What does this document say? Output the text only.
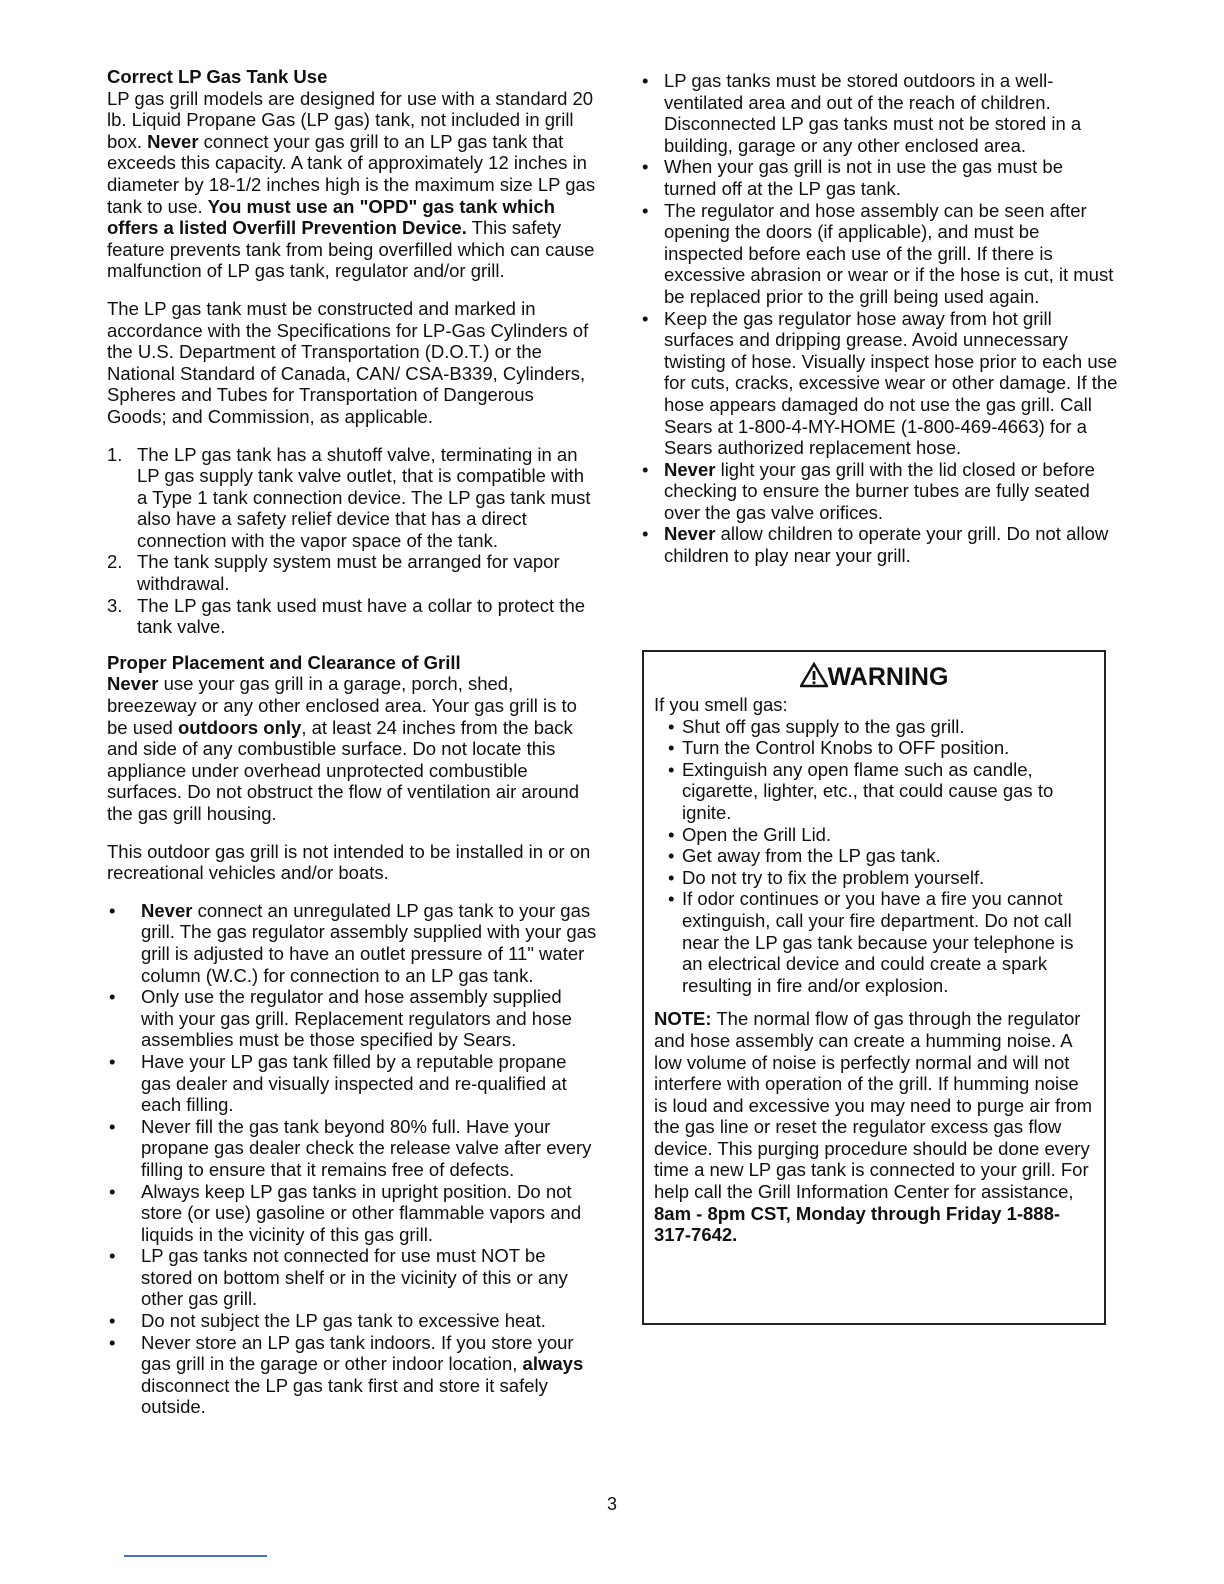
Correct LP Gas Tank Use

LP gas grill models are designed for use with a standard 20 lb. Liquid Propane Gas (LP gas) tank, not included in grill box. Never connect your gas grill to an LP gas tank that exceeds this capacity. A tank of approximately 12 inches in diameter by 18-1/2 inches high is the maximum size LP gas tank to use. You must use an "OPD" gas tank which offers a listed Overfill Prevention Device. This safety feature prevents tank from being overfilled which can cause malfunction of LP gas tank, regulator and/or grill.

The LP gas tank must be constructed and marked in accordance with the Specifications for LP-Gas Cylinders of the U.S. Department of Transportation (D.O.T.) or the National Standard of Canada, CAN/ CSA-B339, Cylinders, Spheres and Tubes for Transportation of Dangerous Goods; and Commission, as applicable.

1. The LP gas tank has a shutoff valve, terminating in an LP gas supply tank valve outlet, that is compatible with a Type 1 tank connection device. The LP gas tank must also have a safety relief device that has a direct connection with the vapor space of the tank.
2. The tank supply system must be arranged for vapor withdrawal.
3. The LP gas tank used must have a collar to protect the tank valve.
Proper Placement and Clearance of Grill

Never use your gas grill in a garage, porch, shed, breezeway or any other enclosed area. Your gas grill is to be used outdoors only, at least 24 inches from the back and side of any combustible surface. Do not locate this appliance under overhead unprotected combustible surfaces. Do not obstruct the flow of ventilation air around the gas grill housing.

This outdoor gas grill is not intended to be installed in or on recreational vehicles and/or boats.

• Never connect an unregulated LP gas tank to your gas grill. The gas regulator assembly supplied with your gas grill is adjusted to have an outlet pressure of 11" water column (W.C.) for connection to an LP gas tank.
• Only use the regulator and hose assembly supplied with your gas grill. Replacement regulators and hose assemblies must be those specified by Sears.
• Have your LP gas tank filled by a reputable propane gas dealer and visually inspected and re-qualified at each filling.
• Never fill the gas tank beyond 80% full. Have your propane gas dealer check the release valve after every filling to ensure that it remains free of defects.
• Always keep LP gas tanks in upright position. Do not store (or use) gasoline or other flammable vapors and liquids in the vicinity of this gas grill.
• LP gas tanks not connected for use must NOT be stored on bottom shelf or in the vicinity of this or any other gas grill.
• Do not subject the LP gas tank to excessive heat.
• Never store an LP gas tank indoors. If you store your gas grill in the garage or other indoor location, always disconnect the LP gas tank first and store it safely outside.
• LP gas tanks must be stored outdoors in a well-ventilated area and out of the reach of children. Disconnected LP gas tanks must not be stored in a building, garage or any other enclosed area.
• When your gas grill is not in use the gas must be turned off at the LP gas tank.
• The regulator and hose assembly can be seen after opening the doors (if applicable), and must be inspected before each use of the grill. If there is excessive abrasion or wear or if the hose is cut, it must be replaced prior to the grill being used again.
• Keep the gas regulator hose away from hot grill surfaces and dripping grease. Avoid unnecessary twisting of hose. Visually inspect hose prior to each use for cuts, cracks, excessive wear or other damage. If the hose appears damaged do not use the gas grill. Call Sears at 1-800-4-MY-HOME (1-800-469-4663) for a Sears authorized replacement hose.
• Never light your gas grill with the lid closed or before checking to ensure the burner tubes are fully seated over the gas valve orifices.
• Never allow children to operate your grill. Do not allow children to play near your grill.
WARNING

If you smell gas:

• Shut off gas supply to the gas grill.
• Turn the Control Knobs to OFF position.
• Extinguish any open flame such as candle, cigarette, lighter, etc., that could cause gas to ignite.
• Open the Grill Lid.
• Get away from the LP gas tank.
• Do not try to fix the problem yourself.
• If odor continues or you have a fire you cannot extinguish, call your fire department. Do not call near the LP gas tank because your telephone is an electrical device and could create a spark resulting in fire and/or explosion.

NOTE: The normal flow of gas through the regulator and hose assembly can create a humming noise. A low volume of noise is perfectly normal and will not interfere with operation of the grill. If humming noise is loud and excessive you may need to purge air from the gas line or reset the regulator excess gas flow device. This purging procedure should be done every time a new LP gas tank is connected to your grill. For help call the Grill Information Center for assistance, 8am - 8pm CST, Monday through Friday 1-888-317-7642.

3
